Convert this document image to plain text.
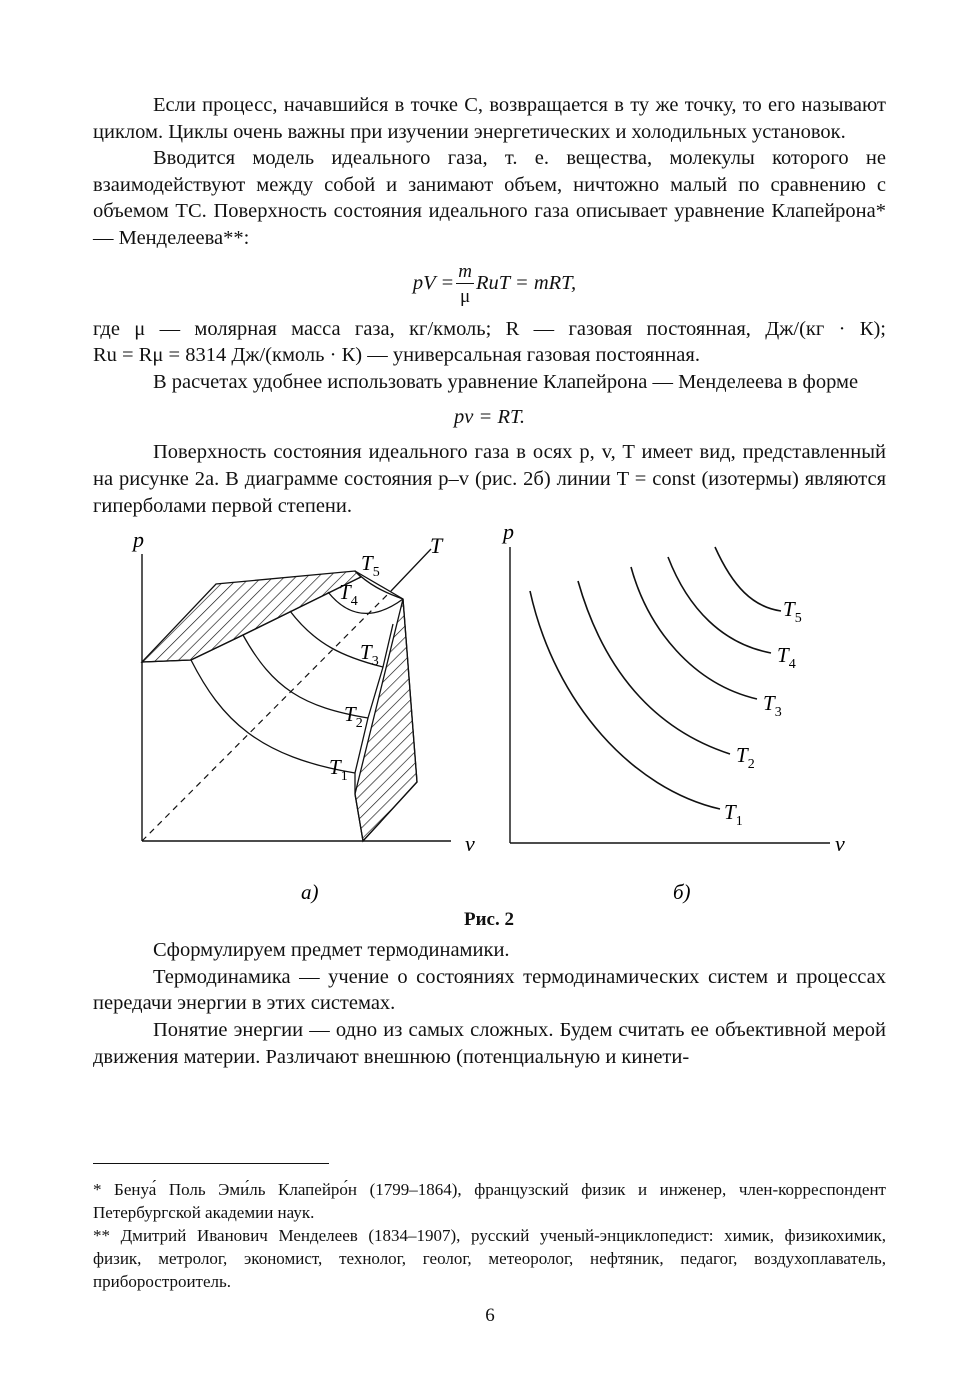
Если процесс, начавшийся в точке C, возвращается в ту же точку, то его называют циклом. Циклы очень важны при изучении энергетических и холодильных установок.

Вводится модель идеального газа, т. е. вещества, молекулы которого не взаимодействуют между собой и занимают объем, ничтожно малый по сравнению с объемом ТС. Поверхность состояния идеального газа описывает уравнение Клапейрона* — Менделеева**:

pV = $\frac{m}{\mu}$ RuT = mRT,

где μ — молярная масса газа, кг/кмоль; R — газовая постоянная, Дж/(кг · К);

Ru = Rμ = 8314 Дж/(кмоль · К) — универсальная газовая постоянная.

В расчетах удобнее использовать уравнение Клапейрона — Менделеева в форме

pv = RT.

Поверхность состояния идеального газа в осях p, v, T имеет вид, представленный на рисунке 2а. В диаграмме состояния p–v (рис. 2б) линии T = const (изотермы) являются гиперболами первой степени.

p	T
v
$T_5$
$T_4$
$T_3$
$T_2$
$T_1$
p
v
$T_5$
$T_4$
$T_3$
$T_2$
$T_1$
а)	б)
Рис. 2

Сформулируем предмет термодинамики.

Термодинамика — учение о состояниях термодинамических систем и процессах передачи энергии в этих системах.

Понятие энергии — одно из самых сложных. Будем считать ее объективной мерой движения материи. Различают внешнюю (потенциальную и кинети-

* Бенуа́ Поль Эми́ль Клапейро́н (1799–1864), французский физик и инженер, член-корреспондент Петербургской академии наук.

** Дмитрий Иванович Менделеев (1834–1907), русский ученый-энциклопедист: химик, физикохимик, физик, метролог, экономист, технолог, геолог, метеоролог, нефтяник, педагог, воздухоплаватель, приборостроитель.

6
